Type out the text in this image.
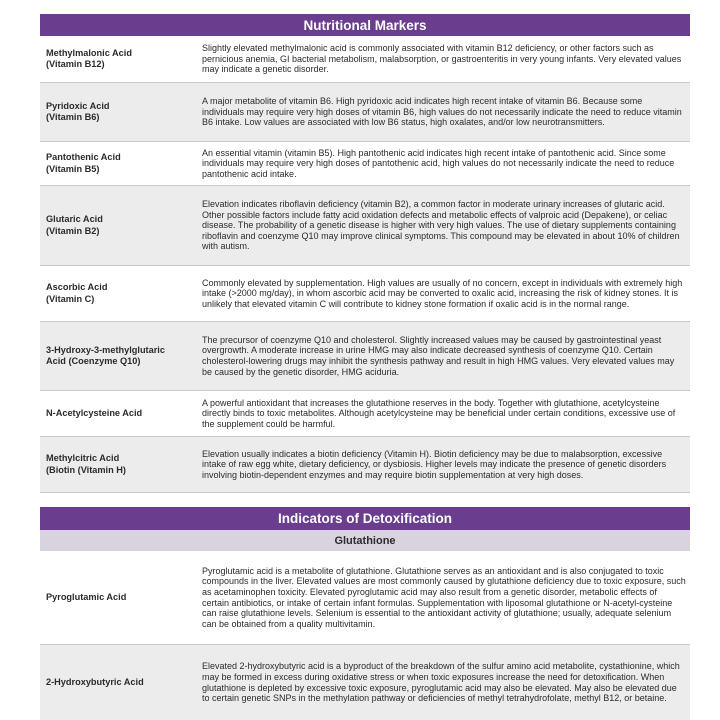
Nutritional Markers
Methylmalonic Acid
(Vitamin B12)
Slightly elevated methylmalonic acid is commonly associated with vitamin B12 deficiency, or other factors such as pernicious anemia, GI bacterial metabolism, malabsorption, or gastroenteritis in very young infants. Very elevated values may indicate a genetic disorder.
Pyridoxic Acid
(Vitamin B6)
A major metabolite of vitamin B6. High pyridoxic acid indicates high recent intake of vitamin B6. Because some individuals may require very high doses of vitamin B6, high values do not necessarily indicate the need to reduce vitamin B6 intake. Low values are associated with low B6 status, high oxalates, and/or low neurotransmitters.
Pantothenic Acid
(Vitamin B5)
An essential vitamin (vitamin B5). High pantothenic acid indicates high recent intake of pantothenic acid. Since some individuals may require very high doses of pantothenic acid, high values do not necessarily indicate the need to reduce pantothenic acid intake.
Glutaric Acid
(Vitamin B2)
Elevation indicates riboflavin deficiency (vitamin B2), a common factor in moderate urinary increases of glutaric acid. Other possible factors include fatty acid oxidation defects and metabolic effects of valproic acid (Depakene), or celiac disease. The probability of a genetic disease is higher with very high values. The use of dietary supplements containing riboflavin and coenzyme Q10 may improve clinical symptoms. This compound may be elevated in about 10% of children with autism.
Ascorbic Acid
(Vitamin C)
Commonly elevated by supplementation. High values are usually of no concern, except in individuals with extremely high intake (>2000 mg/day), in whom ascorbic acid may be converted to oxalic acid, increasing the risk of kidney stones. It is unlikely that elevated vitamin C will contribute to kidney stone formation if oxalic acid is in the normal range.
3-Hydroxy-3-methylglutaric
Acid (Coenzyme Q10)
The precursor of coenzyme Q10 and cholesterol. Slightly increased values may be caused by gastrointestinal yeast overgrowth. A moderate increase in urine HMG may also indicate decreased synthesis of coenzyme Q10. Certain cholesterol-lowering drugs may inhibit the synthesis pathway and result in high HMG values. Very elevated values may be caused by the genetic disorder, HMG aciduria.
N-Acetylcysteine Acid
A powerful antioxidant that increases the glutathione reserves in the body. Together with glutathione, acetylcysteine directly binds to toxic metabolites. Although acetylcysteine may be beneficial under certain conditions, excessive use of the supplement could be harmful.
Methylcitric Acid
(Biotin (Vitamin H)
Elevation usually indicates a biotin deficiency (Vitamin H). Biotin deficiency may be due to malabsorption, excessive intake of raw egg white, dietary deficiency, or dysbiosis. Higher levels may indicate the presence of genetic disorders involving biotin-dependent enzymes and may require biotin supplementation at very high doses.
Indicators of Detoxification
Glutathione
Pyroglutamic Acid
Pyroglutamic acid is a metabolite of glutathione. Glutathione serves as an antioxidant and is also conjugated to toxic compounds in the liver. Elevated values are most commonly caused by glutathione deficiency due to toxic exposure, such as acetaminophen toxicity. Elevated pyroglutamic acid may also result from a genetic disorder, metabolic effects of certain antibiotics, or intake of certain infant formulas. Supplementation with liposomal glutathione or N-acetyl-cysteine can raise glutathione levels. Selenium is essential to the antioxidant activity of glutathione; usually, adequate selenium can be obtained from a quality multivitamin.
2-Hydroxybutyric Acid
Elevated 2-hydroxybutyric acid is a byproduct of the breakdown of the sulfur amino acid metabolite, cystathionine, which may be formed in excess during oxidative stress or when toxic exposures increase the need for detoxification. When glutathione is depleted by excessive toxic exposure, pyroglutamic acid may also be elevated. May also be elevated due to certain genetic SNPs in the methylation pathway or deficiencies of methyl tetrahydrofolate, methyl B12, or betaine.
